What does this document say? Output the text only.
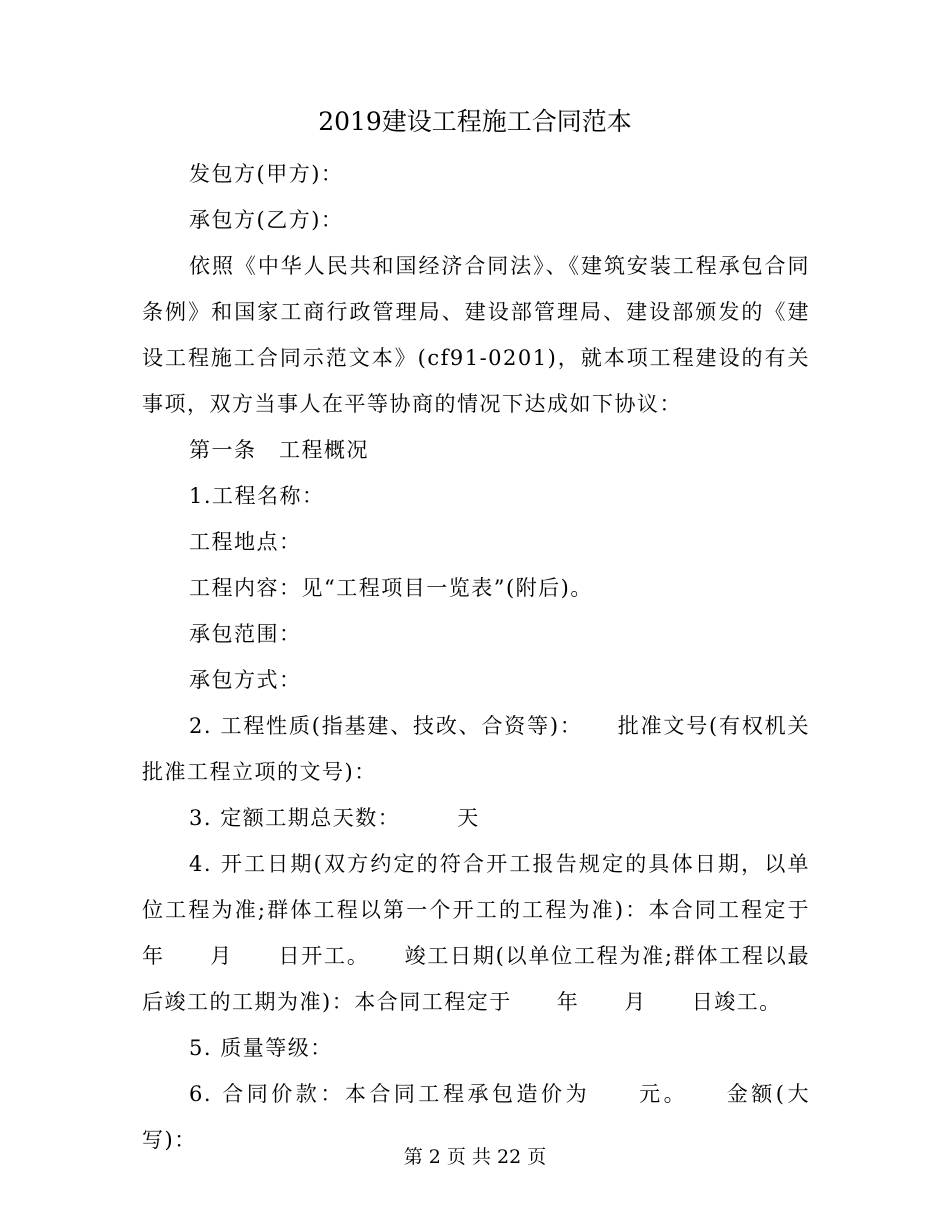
2019建设工程施工合同范本

发包方(甲方)：

承包方(乙方)：

依照《中华人民共和国经济合同法》、《建筑安装工程承包合同条例》和国家工商行政管理局、建设部管理局、建设部颁发的《建设工程施工合同示范文本》(cf91-0201)，就本项工程建设的有关事项，双方当事人在平等协商的情况下达成如下协议：

第一条　工程概况

1.工程名称：

工程地点：

工程内容：见“工程项目一览表”(附后)。

承包范围：

承包方式：

2. 工程性质(指基建、技改、合资等)：　　批准文号(有权机关批准工程立项的文号)：

3. 定额工期总天数：　　　天

4. 开工日期(双方约定的符合开工报告规定的具体日期，以单位工程为准;群体工程以第一个开工的工程为准)：本合同工程定于　年　　月　　日开工。　　竣工日期(以单位工程为准;群体工程以最后竣工的工期为准)：本合同工程定于　　年　　月　　日竣工。

5. 质量等级：

6. 合同价款：本合同工程承包造价为　　元。　　金额(大写)：

第 2 页 共 22 页
